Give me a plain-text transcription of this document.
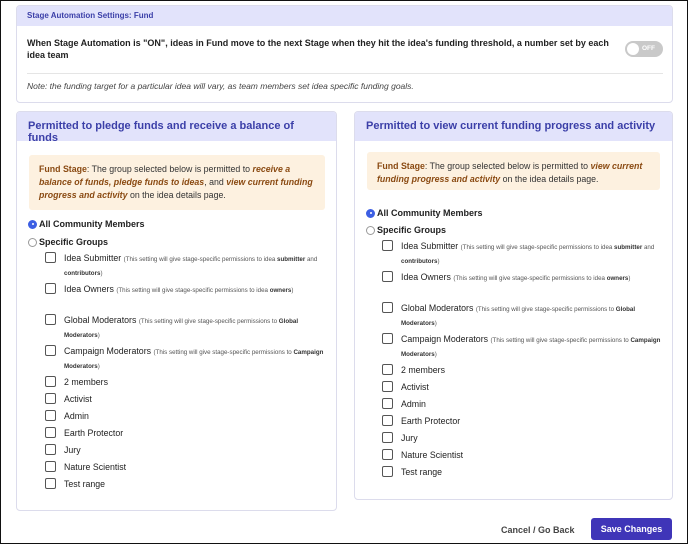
Stage Automation Settings: Fund
When Stage Automation is "ON", ideas in Fund move to the next Stage when they hit the idea's funding threshold, a number set by each idea team
OFF
Note: the funding target for a particular idea will vary, as team members set idea specific funding goals.
Permitted to pledge funds and receive a balance of funds
Fund Stage: The group selected below is permitted to receive a balance of funds, pledge funds to ideas, and view current funding progress and activity on the idea details page.
All Community Members
Specific Groups
Idea Submitter (This setting will give stage-specific permissions to idea submitter and contributors)
Idea Owners (This setting will give stage-specific permissions to idea owners)
Global Moderators (This setting will give stage-specific permissions to Global Moderators)
Campaign Moderators (This setting will give stage-specific permissions to Campaign Moderators)
2 members
Activist
Admin
Earth Protector
Jury
Nature Scientist
Test range
Permitted to view current funding progress and activity
Fund Stage: The group selected below is permitted to view current funding progress and activity on the idea details page.
All Community Members
Specific Groups
Idea Submitter (This setting will give stage-specific permissions to idea submitter and contributors)
Idea Owners (This setting will give stage-specific permissions to idea owners)
Global Moderators (This setting will give stage-specific permissions to Global Moderators)
Campaign Moderators (This setting will give stage-specific permissions to Campaign Moderators)
2 members
Activist
Admin
Earth Protector
Jury
Nature Scientist
Test range
Cancel / Go Back	Save Changes
